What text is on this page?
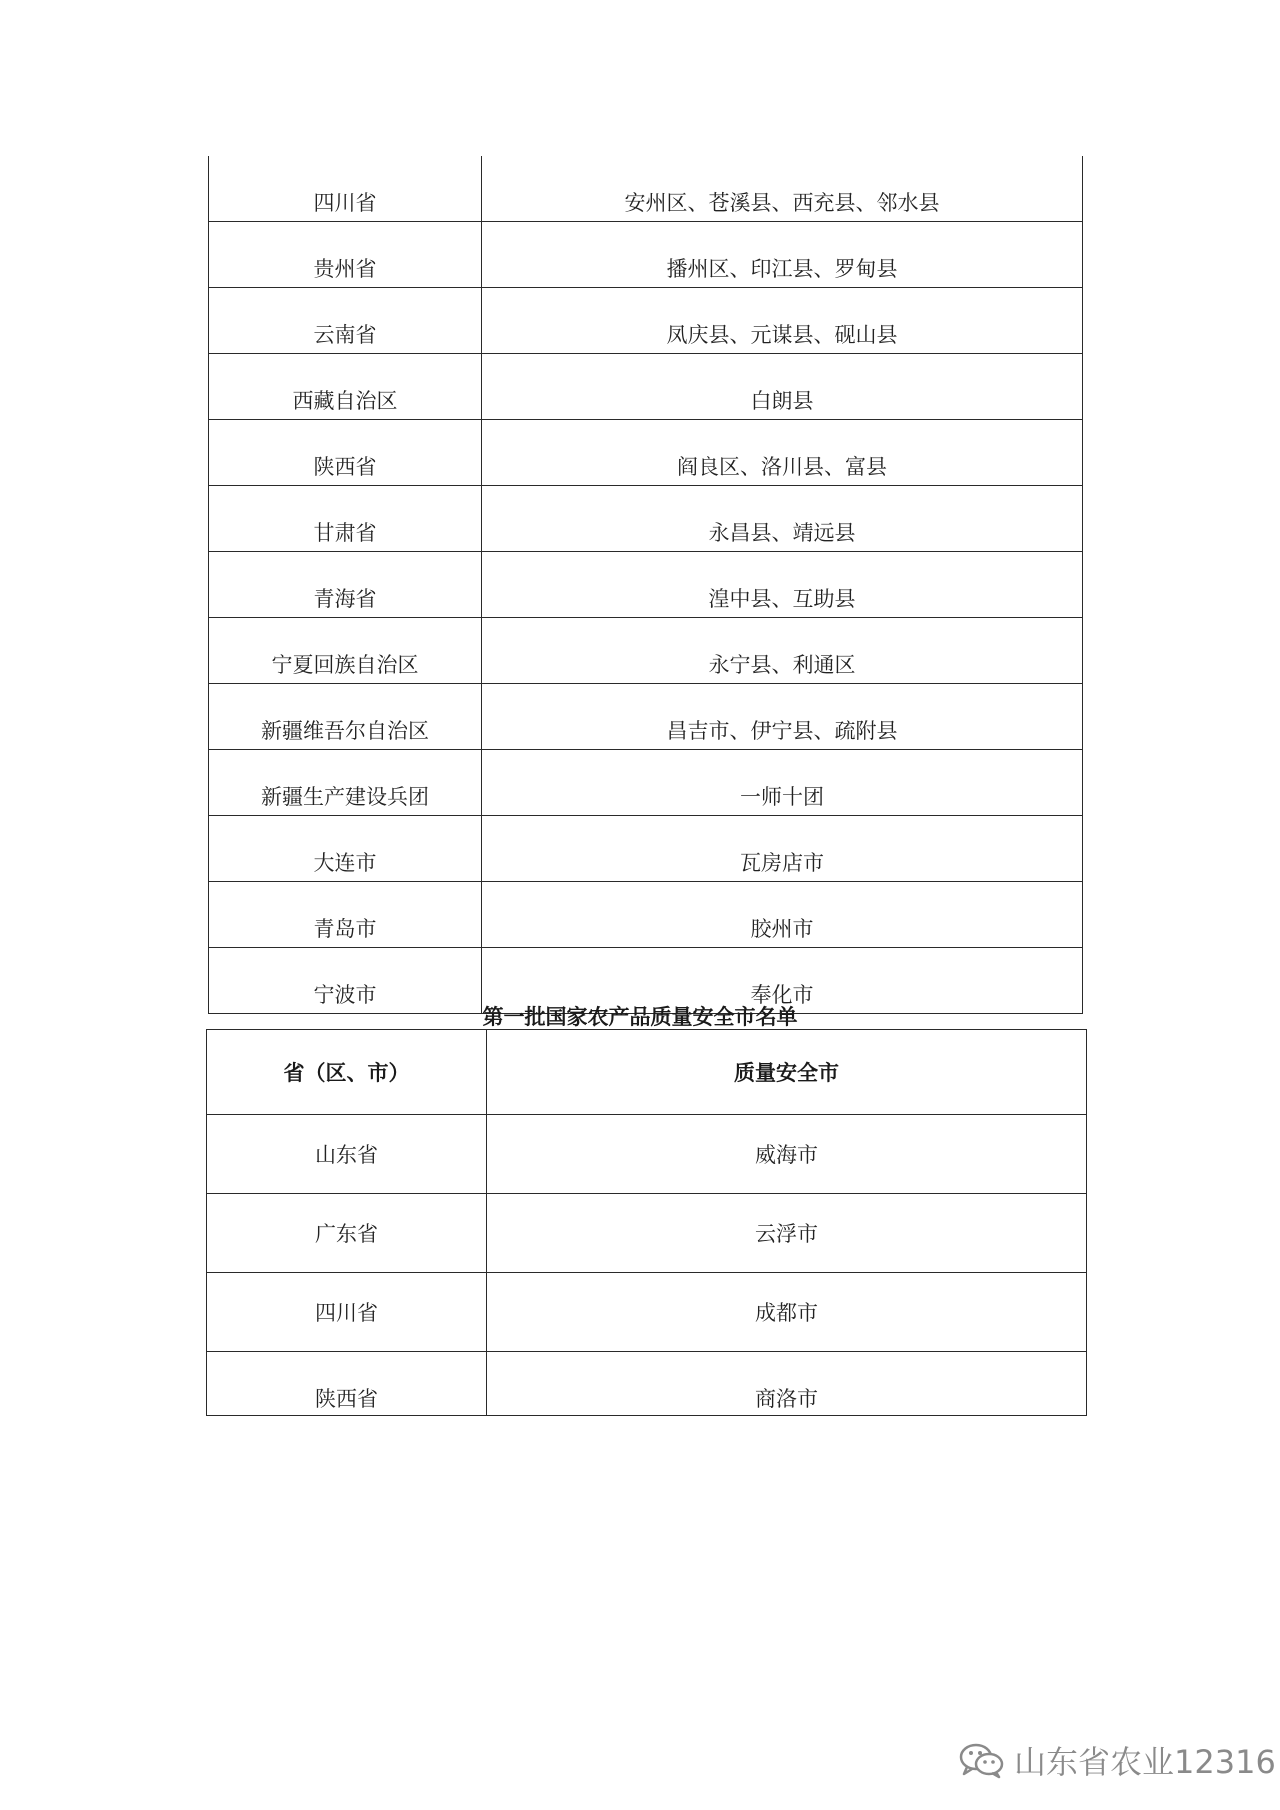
四川省	安州区、苍溪县、西充县、邻水县
贵州省	播州区、印江县、罗甸县
云南省	凤庆县、元谋县、砚山县
西藏自治区	白朗县
陕西省	阎良区、洛川县、富县
甘肃省	永昌县、靖远县
青海省	湟中县、互助县
宁夏回族自治区	永宁县、利通区
新疆维吾尔自治区	昌吉市、伊宁县、疏附县
新疆生产建设兵团	一师十团
大连市	瓦房店市
青岛市	胶州市
宁波市	奉化市
第一批国家农产品质量安全市名单
省（区、市）	质量安全市
山东省	威海市
广东省	云浮市
四川省	成都市
陕西省	商洛市
山东省农业12316
